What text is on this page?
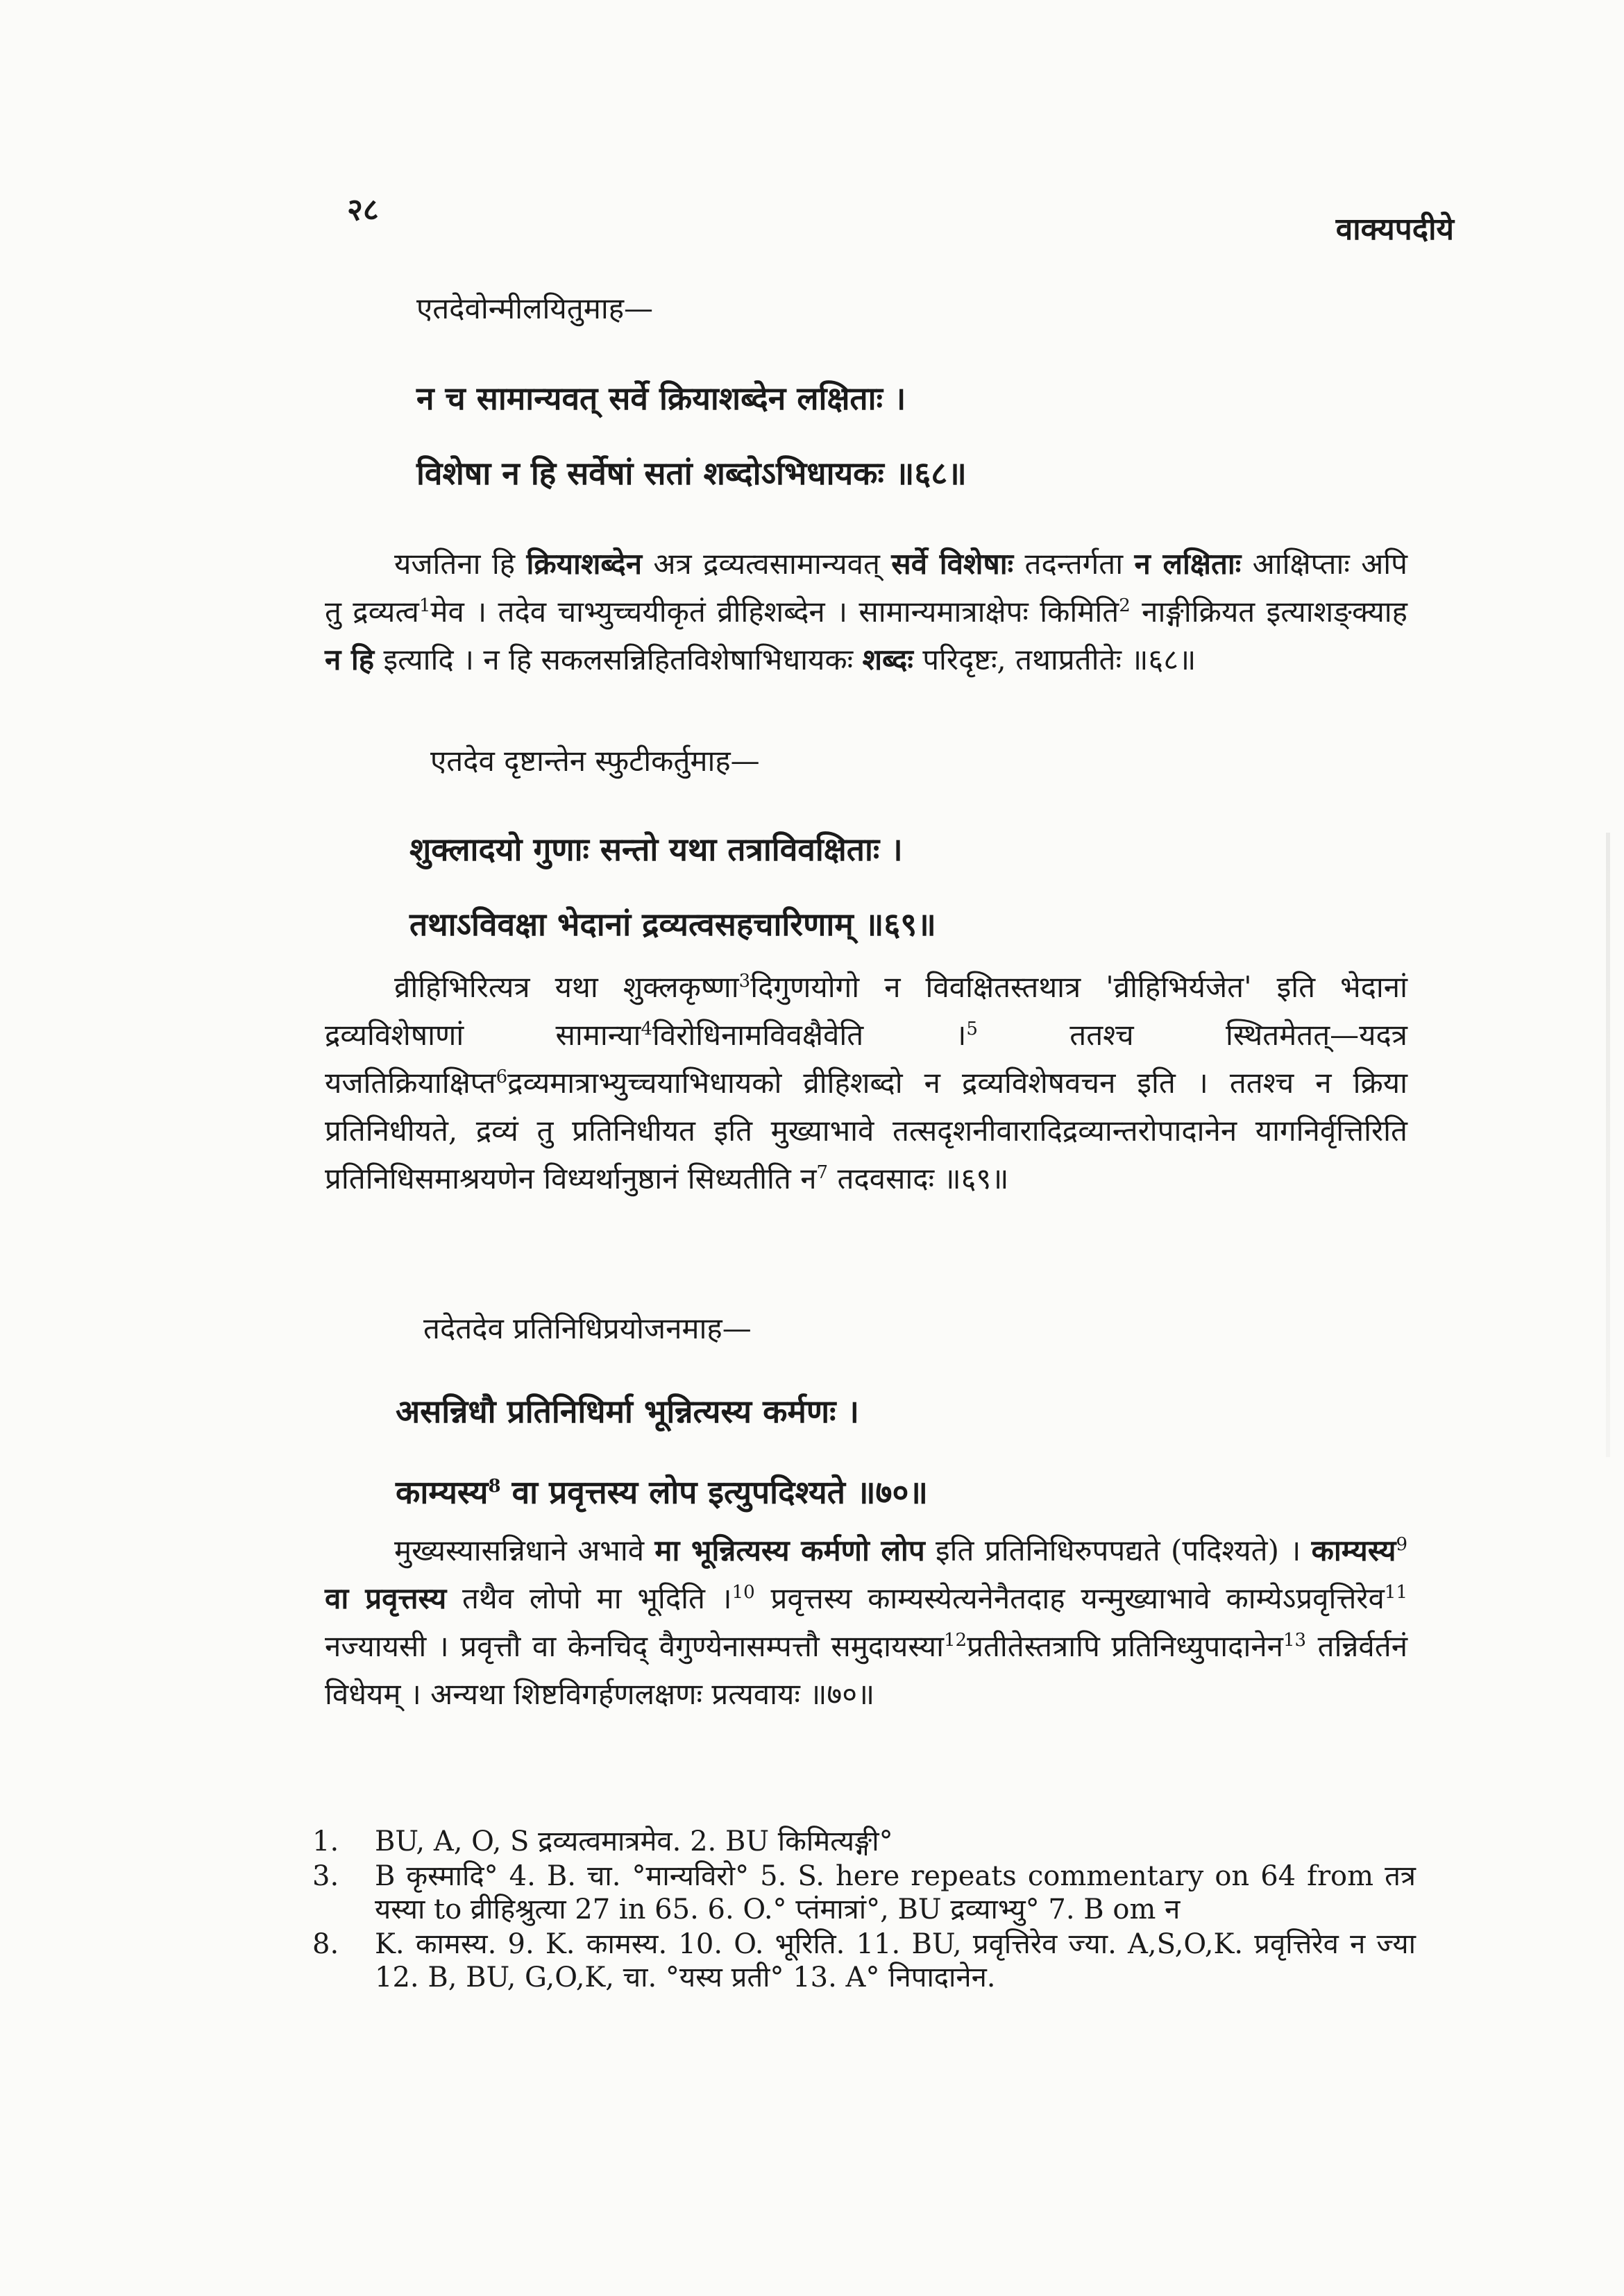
२८
वाक्यपदीये
एतदेवोन्मीलयितुमाह—
न च सामान्यवत् सर्वे क्रियाशब्देन लक्षिताः ।
विशेषा न हि सर्वेषां सतां शब्दोऽभिधायकः ॥६८॥
यजतिना हि क्रियाशब्देन अत्र द्रव्यत्वसामान्यवत् सर्वे विशेषाः तदन्तर्गता न लक्षिताः आक्षिप्ताः अपि तु द्रव्यत्व$^1$मेव । तदेव चाभ्युच्चयीकृतं व्रीहिशब्देन । सामान्यमात्राक्षेपः किमिति$^2$ नाङ्गीक्रियत इत्याशङ्क्याह न हि इत्यादि । न हि सकलसन्निहितविशेषाभिधायकः शब्दः परिदृष्टः, तथाप्रतीतेः ॥६८॥
एतदेव दृष्टान्तेन स्फुटीकर्तुमाह—
शुक्लादयो गुणाः सन्तो यथा तत्राविवक्षिताः ।
तथाऽविवक्षा भेदानां द्रव्यत्वसहचारिणाम् ॥६९॥
व्रीहिभिरित्यत्र यथा शुक्लकृष्णा$^3$दिगुणयोगो न विवक्षितस्तथात्र 'व्रीहिभिर्यजेत' इति भेदानां द्रव्यविशेषाणां सामान्या$^4$विरोधिनामविवक्षैवेति ।$^5$	ततश्च स्थितमेतत्—यदत्र यजतिक्रियाक्षिप्त$^6$द्रव्यमात्राभ्युच्चयाभिधायको व्रीहिशब्दो न द्रव्यविशेषवचन इति । ततश्च न क्रिया प्रतिनिधीयते, द्रव्यं तु प्रतिनिधीयत इति मुख्याभावे तत्सदृशनीवारादिद्रव्यान्तरोपादानेन यागनिर्वृत्तिरिति प्रतिनिधिसमाश्रयणेन विध्यर्थानुष्ठानं सिध्यतीति न$^7$ तदवसादः ॥६९॥
तदेतदेव प्रतिनिधिप्रयोजनमाह—
असन्निधौ प्रतिनिधिर्मा भून्नित्यस्य कर्मणः ।
काम्यस्य$^8$ वा प्रवृत्तस्य लोप इत्युपदिश्यते ॥७०॥
मुख्यस्यासन्निधाने अभावे मा भून्नित्यस्य कर्मणो लोप इति प्रतिनिधिरुपपद्यते (पदिश्यते) । काम्यस्य$^9$ वा प्रवृत्तस्य तथैव लोपो मा भूदिति ।$^{10}$ प्रवृत्तस्य काम्यस्येत्यनेनैतदाह यन्मुख्याभावे काम्येऽप्रवृत्तिरेव$^{11}$ नज्यायसी । प्रवृत्तौ वा केनचिद् वैगुण्येनासम्पत्तौ समुदायस्या$^{12}$प्रतीतेस्तत्रापि प्रतिनिध्युपादानेन$^{13}$ तन्निर्वर्तनं विधेयम् । अन्यथा शिष्टविगर्हणलक्षणः प्रत्यवायः ॥७०॥
1.	BU, A, O, S द्रव्यत्वमात्रमेव. 2. BU किमित्यङ्गी°
3.	B कृस्मादि° 4. B. चा. °मान्यविरो° 5. S. here repeats commentary on 64 from तत्र यस्या to व्रीहिश्रुत्या 27 in 65. 6. O.° प्तंमात्रां°, BU द्रव्याभ्यु° 7. B om न
8.	K. कामस्य. 9. K. कामस्य. 10. O. भूरिति. 11. BU, प्रवृत्तिरेव ज्या. A,S,O,K. प्रवृत्तिरेव न ज्या 12. B, BU, G,O,K, चा. °यस्य प्रती° 13. A° निपादानेन.
